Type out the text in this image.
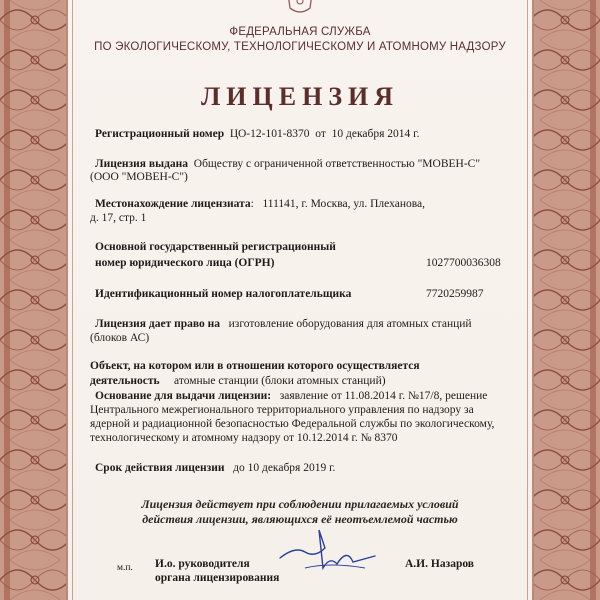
ФЕДЕРАЛЬНАЯ СЛУЖБА
ПО ЭКОЛОГИЧЕСКОМУ, ТЕХНОЛОГИЧЕСКОМУ И АТОМНОМУ НАДЗОРУ
ЛИЦЕНЗИЯ
Регистрационный номер ЦО-12-101-8370 от 10 декабря 2014 г.
Лицензия выдана Обществу с ограниченной ответственностью "МОВЕН-С"
(ООО "МОВЕН-С")
Местонахождение лицензиата: 111141, г. Москва, ул. Плеханова,
д. 17, стр. 1
Основной государственный регистрационный
номер юридического лица (ОГРН)	1027700036308
Идентификационный номер налогоплательщика	7720259987
Лицензия дает право на изготовление оборудования для атомных станций
(блоков АС)
Объект, на котором или в отношении которого осуществляется
деятельность атомные станции (блоки атомных станций)
Основание для выдачи лицензии: заявление от 11.08.2014 г. №17/8, решение
Центрального межрегионального территориального управления по надзору за
ядерной и радиационной безопасностью Федеральной службы по экологическому,
технологическому и атомному надзору от 10.12.2014 г. № 8370
Срок действия лицензии до 10 декабря 2019 г.
Лицензия действует при соблюдении прилагаемых условий
действия лицензии, являющихся её неотъемлемой частью
м.п. И.о. руководителя
органа лицензирования
А.И. Назаров
